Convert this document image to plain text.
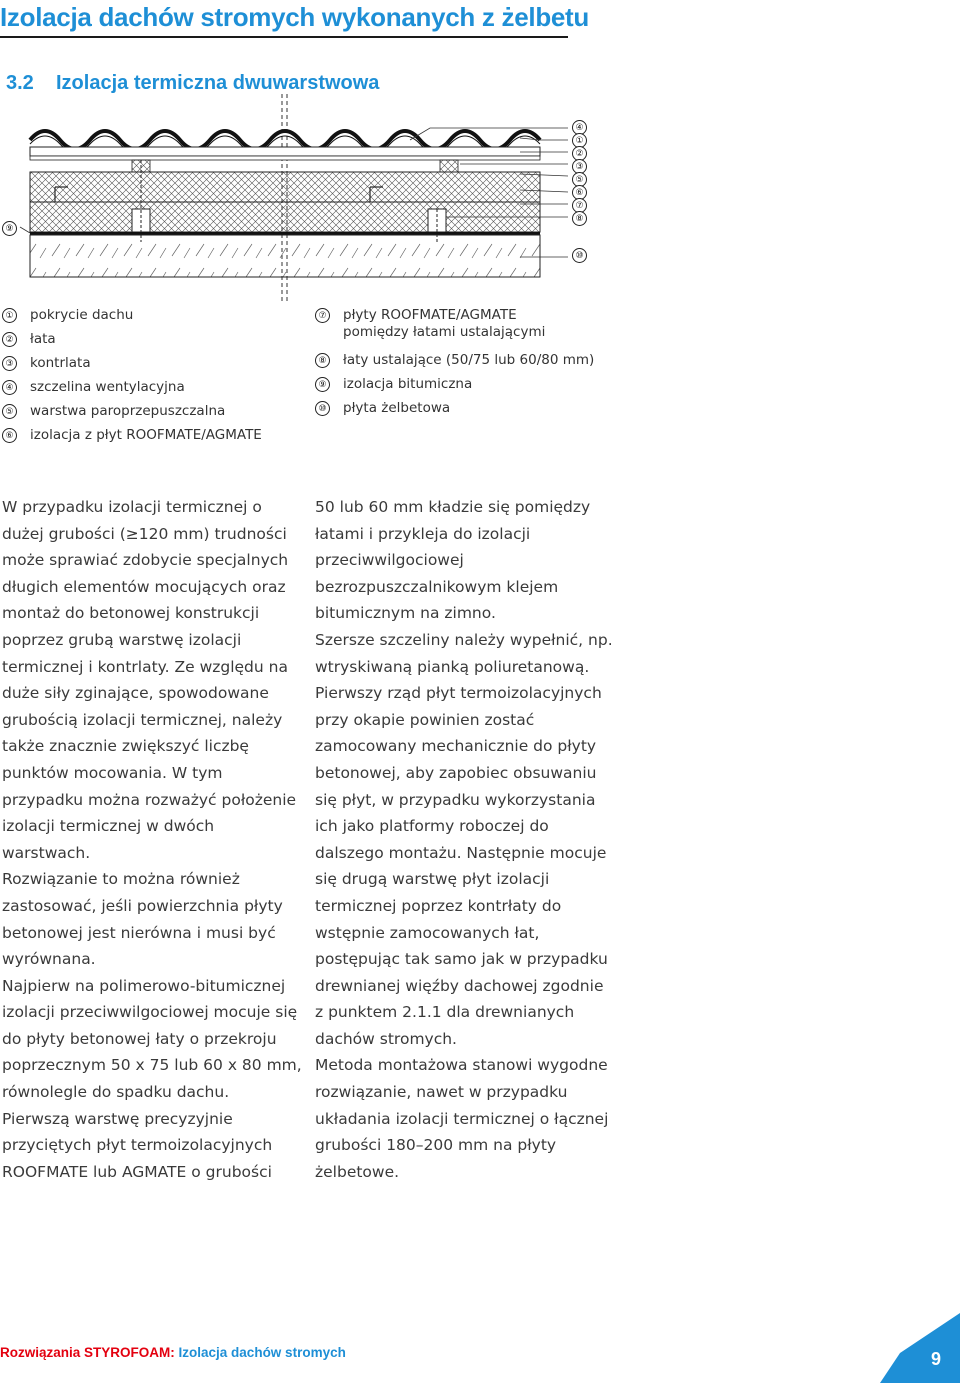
Izolacja dachów stromych wykonanych z żelbetu
3.2 Izolacja termiczna dwuwarstwowa
④
①
②
③
⑤
⑥
⑦
⑧
⑩
⑨
① pokrycie dachu
② łata
③ kontrlata
④ szczelina wentylacyjna
⑤ warstwa paroprzepuszczalna
⑥ izolacja z płyt ROOFMATE/AGMATE
⑦ płyty ROOFMATE/AGMATE
pomiędzy łatami ustalającymi
⑧ łaty ustalające (50/75 lub 60/80 mm)
⑨ izolacja bitumiczna
⑩ płyta żelbetowa

W przypadku izolacji termicznej o dużej grubości (≥120 mm) trudności może sprawiać zdobycie specjalnych długich elementów mocujących oraz montaż do betonowej konstrukcji poprzez grubą warstwę izolacji termicznej i kontrlaty. Ze względu na duże siły zginające, spowodowane grubością izolacji termicznej, należy także znacznie zwiększyć liczbę punktów mocowania. W tym przypadku można rozważyć położenie izolacji termicznej w dwóch warstwach.

Rozwiązanie to można również zastosować, jeśli powierzchnia płyty betonowej jest nierówna i musi być wyrównana.

Najpierw na polimerowo-bitumicznej izolacji przeciwwilgociowej mocuje się do płyty betonowej łaty o przekroju poprzecznym 50 x 75 lub 60 x 80 mm, równolegle do spadku dachu.

Pierwszą warstwę precyzyjnie przyciętych płyt termoizolacyjnych ROOFMATE lub AGMATE o grubości

50 lub 60 mm kładzie się pomiędzy łatami i przykleja do izolacji przeciwwilgociowej bezrozpuszczalnikowym klejem bitumicznym na zimno.

Szersze szczeliny należy wypełnić, np. wtryskiwaną pianką poliuretanową.

Pierwszy rząd płyt termoizolacyjnych przy okapie powinien zostać zamocowany mechanicznie do płyty betonowej, aby zapobiec obsuwaniu się płyt, w przypadku wykorzystania ich jako platformy roboczej do dalszego montażu. Następnie mocuje się drugą warstwę płyt izolacji termicznej poprzez kontrłaty do wstępnie zamocowanych łat, postępując tak samo jak w przypadku drewnianej więźby dachowej zgodnie z punktem 2.1.1 dla drewnianych dachów stromych.

Metoda montażowa stanowi wygodne rozwiązanie, nawet w przypadku układania izolacji termicznej o łącznej grubości 180–200 mm na płyty żelbetowe.

Rozwiązania STYROFOAM: Izolacja dachów stromych	9
